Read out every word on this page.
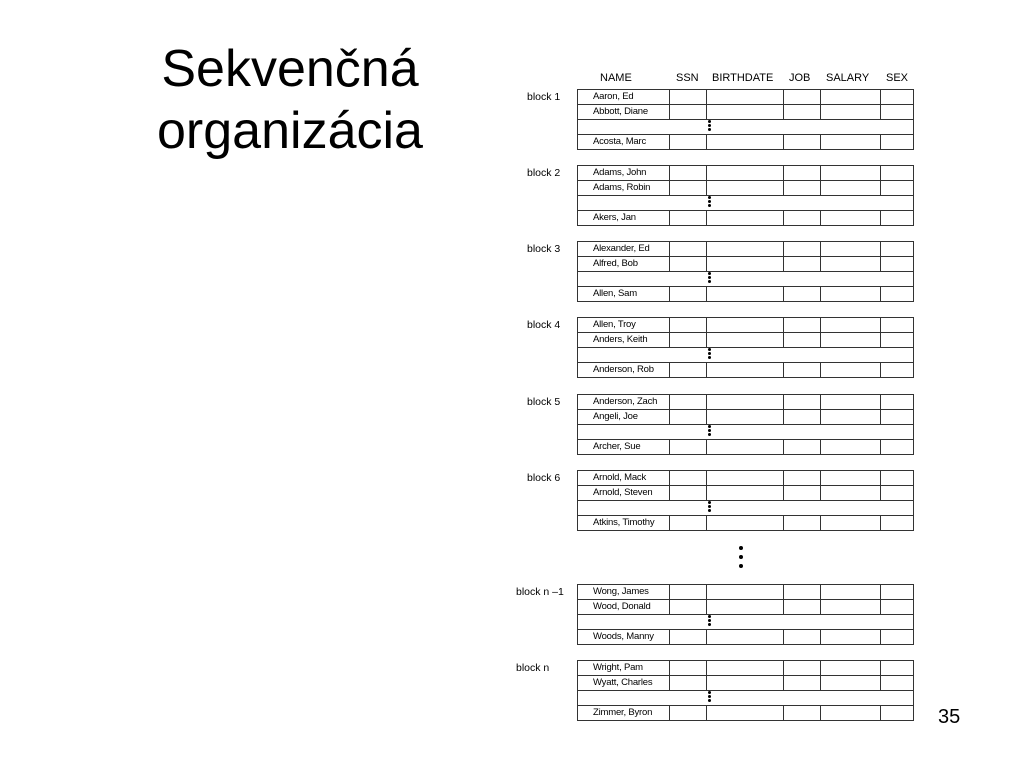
Sekvenčná
organizácia
NAME	SSN BIRTHDATE JOB SALARY SEX
block 1	Aaron, Ed
Abbott, Diane
Acosta, Marc
block 2	Adams, John
Adams, Robin
Akers, Jan
block 3	Alexander, Ed
Alfred, Bob
Allen, Sam
block 4	Allen, Troy
Anders, Keith
Anderson, Rob
block 5	Anderson, Zach
Angeli, Joe
Archer, Sue
block 6	Arnold, Mack
Arnold, Steven
Atkins, Timothy
block n –1	Wong, James
Wood, Donald
Woods, Manny
block n	Wright, Pam
Wyatt, Charles
Zimmer, Byron	35
